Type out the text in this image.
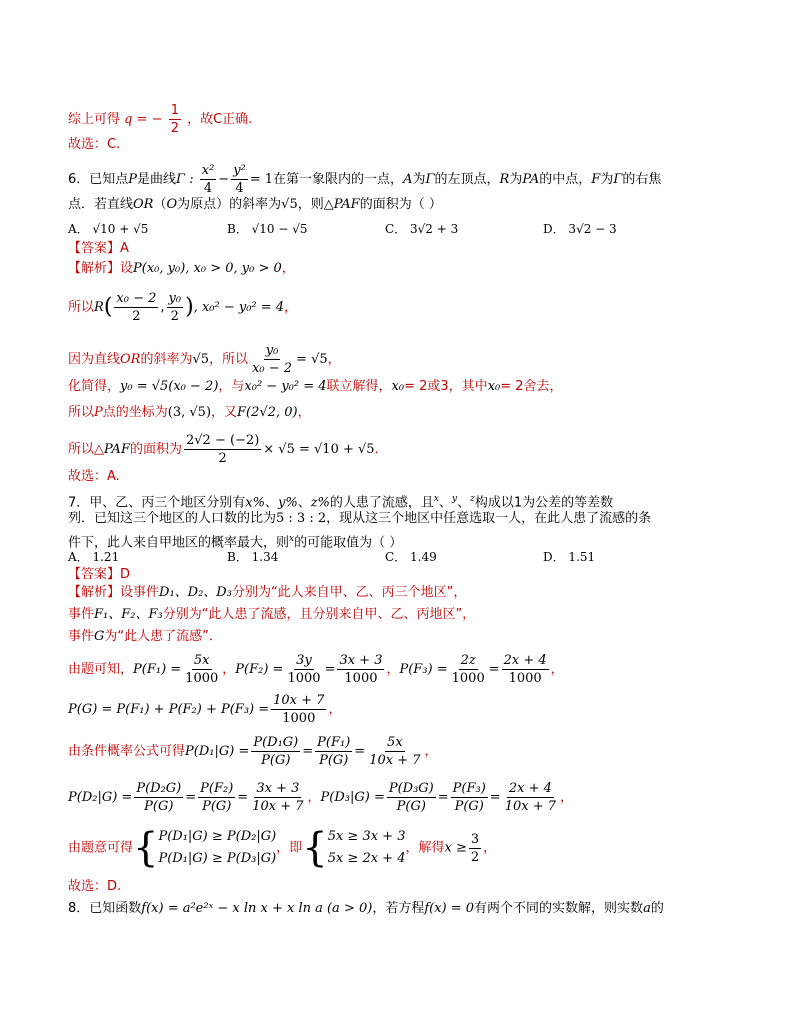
综上可得 q = − $\frac{1}{2}$ ，故C正确.
故选：C.
6．已知点P是曲线Γ : $\frac{\text{x²}}{4} - \frac{\text{y²}}{4} = 1$在第一象限内的一点，A为Γ的左顶点，R为PA的中点，F为Γ的右焦
点．若直线OR（O为原点）的斜率为√5，则△PAF的面积为（ ）
A． √10 + √5	B． √10 − √5	C． 3√2 + 3	D． 3√2 − 3
【答案】A
【解析】设P(x₀, y₀), x₀ > 0, y₀ > 0，
所以$R( \frac{\text{x₀ − 2}}{2}$ , $\frac{\text{y₀}}{2}$ ), x₀² − y₀² = 4，
因为直线OR的斜率为√5，所以 $\frac{\text{y₀}}{\text{x₀ − 2}} = √5$，
化简得，y₀ = √5(x₀ − 2)，与x₀² − y₀² = 4联立解得，x₀= 2或3，其中x₀= 2舍去，
所以P点的坐标为(3, √5)，又F(2√2, 0)，
所以△PAF的面积为 $\frac{2√2 - (-2)}{2} \times √5 = √10 + √5$．
故选：A.
7．甲、乙、丙三个地区分别有x%、y%、z%的人患了流感，且$^x$、$^y$、$^z$构成以1为公差的等差数
列．已知这三个地区的人口数的比为5 : 3 : 2，现从这三个地区中任意选取一人，在此人患了流感的条
件下，此人来自甲地区的概率最大，则$^x$的可能取值为（ ）
A． 1.21	B． 1.34	C． 1.49	D． 1.51
【答案】D
【解析】设事件D₁、D₂、D₃分别为“此人来自甲、乙、丙三个地区”，
事件F₁、F₂、F₃分别为“此人患了流感，且分别来自甲、乙、丙地区”，
事件G为“此人患了流感”．
由题可知，$P(F_1) = \frac{5x}{1000}$ ，$P(F_2) = \frac{3y}{1000} = \frac{3x + 3}{1000}$ ，$P(F_3) = \frac{2z}{1000} = \frac{2x + 4}{1000}$ ，
$P(G) = P(F_1) + P(F_2) + P(F_3) = \frac{10x + 7}{1000}$ ，
由条件概率公式可得$P(D_1|G) = \frac{\text{P(D₁G)}}{P(G)} = \frac{\text{P(F₁)}}{P(G)} = \frac{5x}{10x + 7}$ ，
$P(D_2|G) = \frac{\text{P(D₂G)}}{P(G)} = \frac{\text{P(F₂)}}{P(G)} = \frac{3x + 3}{10x + 7}$ ，$P(D_3|G) = \frac{\text{P(D₃G)}}{P(G)} = \frac{\text{P(F₃)}}{P(G)} = \frac{2x + 4}{10x + 7}$ ，
由题意可得{ P(D₁|G) ≥ P(D₂|G)
P(D₁|G) ≥ P(D₃|G)
，即{ 5x ≥ 3x + 3
5x ≥ 2x + 4
，解得$x \ge \frac{3}{2}$ ，
故选：D.
8．已知函数f(x) = a²e²ˣ − x ln x + x ln a (a > 0)，若方程f(x) = 0有两个不同的实数解，则实数a的
